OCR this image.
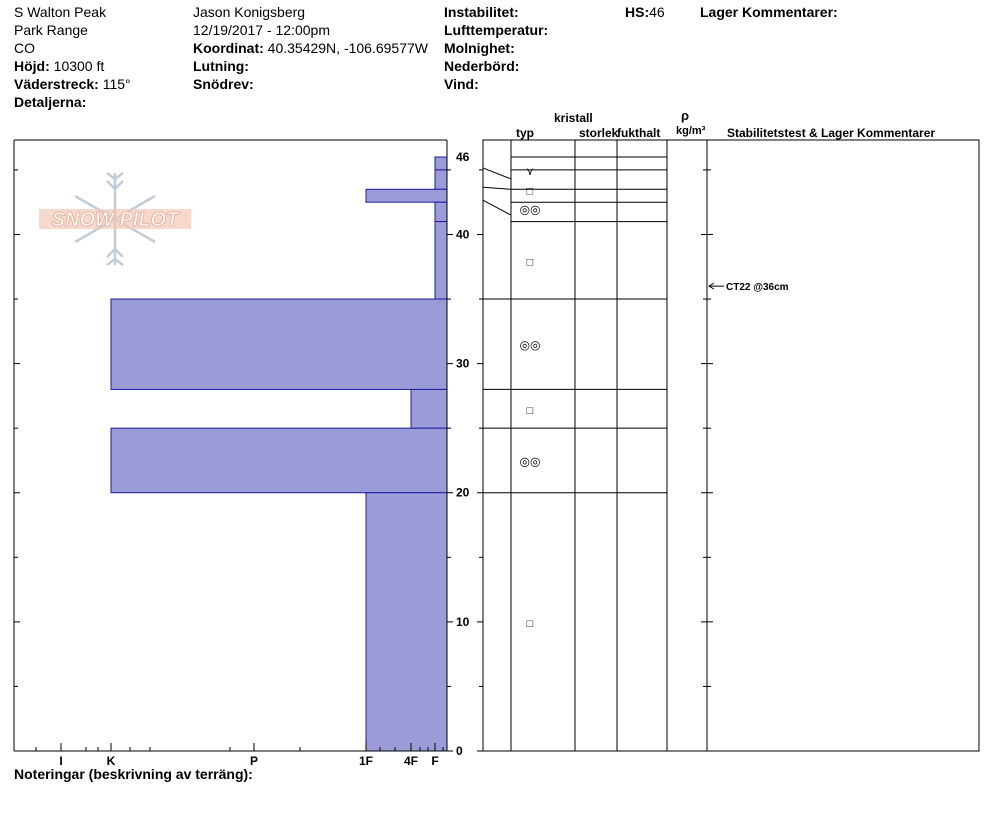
S Walton Peak
Park Range
CO
Höjd: 10300 ft
Väderstreck: 115°
Detaljerna:
Jason Konigsberg
12/19/2017 - 12:00pm
Koordinat: 40.35429N, -106.69577W
Lutning:
Snödrev:
Instabilitet:
Lufttemperatur:
Molnighet:
Nederbörd:
Vind:
HS:46	Lager Kommentarer:
kristall
typ	storlek
fukthalt
ρ
kg/m³ Stabilitetstest & Lager Kommentarer
Noteringar (beskrivning av terräng):
SNOW PILOT
I	K	P	1F	4F F
46
40
30
20
10
0
⋎
□
◎◎
□
◎◎
□
◎◎
□
CT22 @36cm
